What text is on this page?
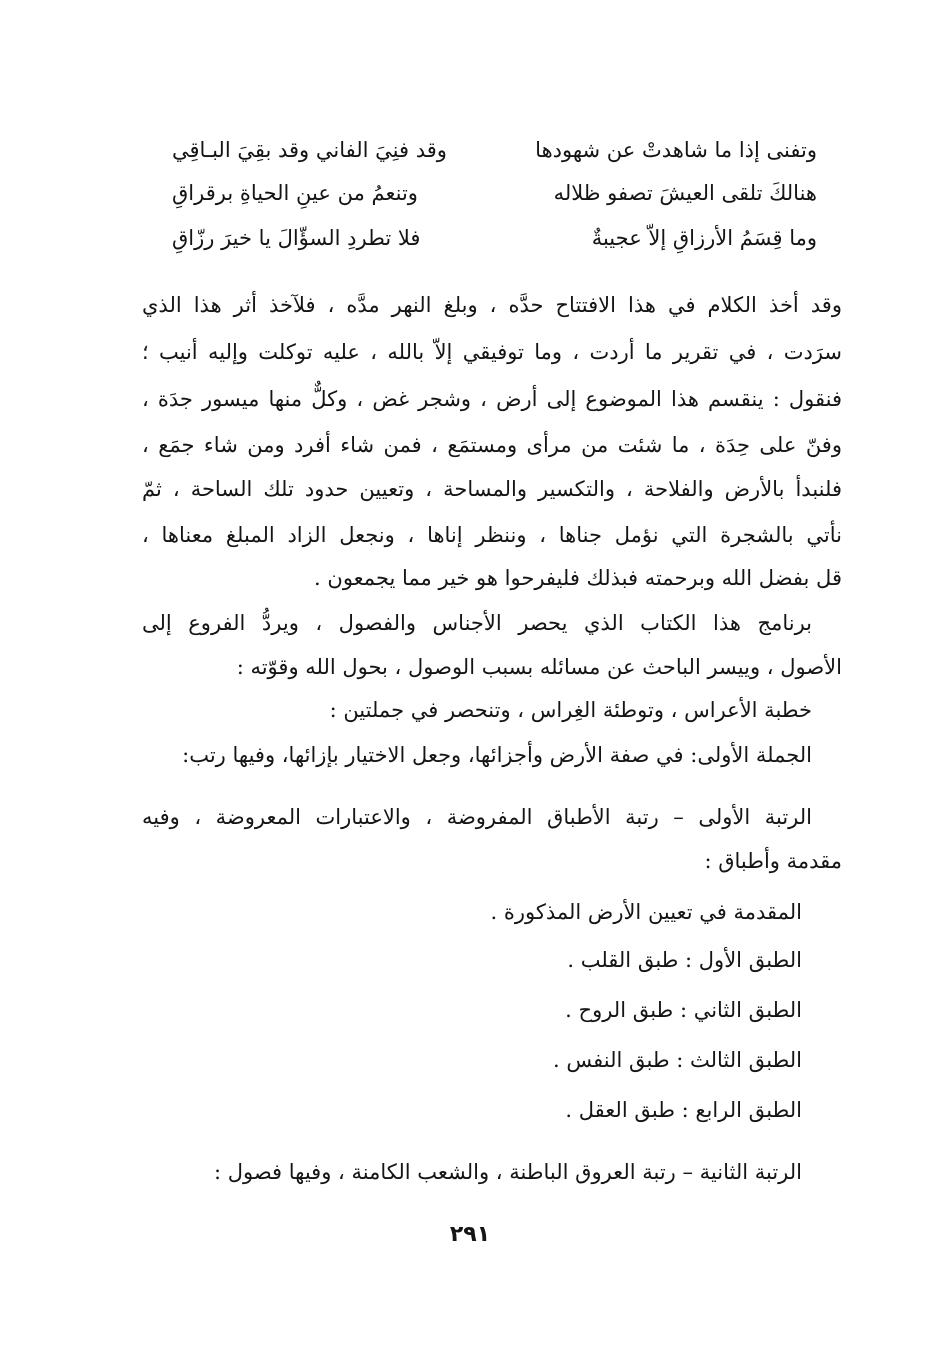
وتفنى إذا ما شاهدتْ عن شهودها
وقد فنِيَ الفاني وقد بقِيَ البـاقِي
هنالكَ تلقى العيشَ تصفو ظلاله
وتنعمُ من عينِ الحياةِ برقراقِ
وما قِسَمُ الأرزاقِ إلاّ عجيبةٌ
فلا تطردِ السؤّالَ يا خيرَ رزّاقِ
وقد أخذ الكلام في هذا الافتتاح حدَّه ، وبلغ النهر مدَّه ، فلآخذ أثر هذا الذي
سرَدت ، في تقرير ما أردت ، وما توفيقي إلاّ بالله ، عليه توكلت وإليه أنيب ؛
فنقول : ينقسم هذا الموضوع إلى أرض ، وشجر غض ، وكلٌّ منها ميسور جدَة ،
وفنّ على حِدَة ، ما شئت من مرأى ومستمَع ، فمن شاء أفرد ومن شاء جمَع ،
فلنبدأ بالأرض والفلاحة ، والتكسير والمساحة ، وتعيين حدود تلك الساحة ، ثمّ
نأتي بالشجرة التي نؤمل جناها ، وننظر إناها ، ونجعل الزاد المبلغ معناها ،
قل بفضل الله وبرحمته فبذلك فليفرحوا هو خير مما يجمعون .
برنامج هذا الكتاب الذي يحصر الأجناس والفصول ، ويردُّ الفروع إلى
الأصول ، وييسر الباحث عن مسائله بسبب الوصول ، بحول الله وقوّته :
خطبة الأعراس ، وتوطئة الغِراس ، وتنحصر في جملتين :
الجملة الأولى: في صفة الأرض وأجزائها، وجعل الاختيار بإزائها، وفيها رتب:
الرتبة الأولى – رتبة الأطباق المفروضة ، والاعتبارات المعروضة ، وفيه
مقدمة وأطباق :
المقدمة في تعيين الأرض المذكورة .
الطبق الأول : طبق القلب .
الطبق الثاني : طبق الروح .
الطبق الثالث : طبق النفس .
الطبق الرابع : طبق العقل .
الرتبة الثانية – رتبة العروق الباطنة ، والشعب الكامنة ، وفيها فصول :
٢٩١
